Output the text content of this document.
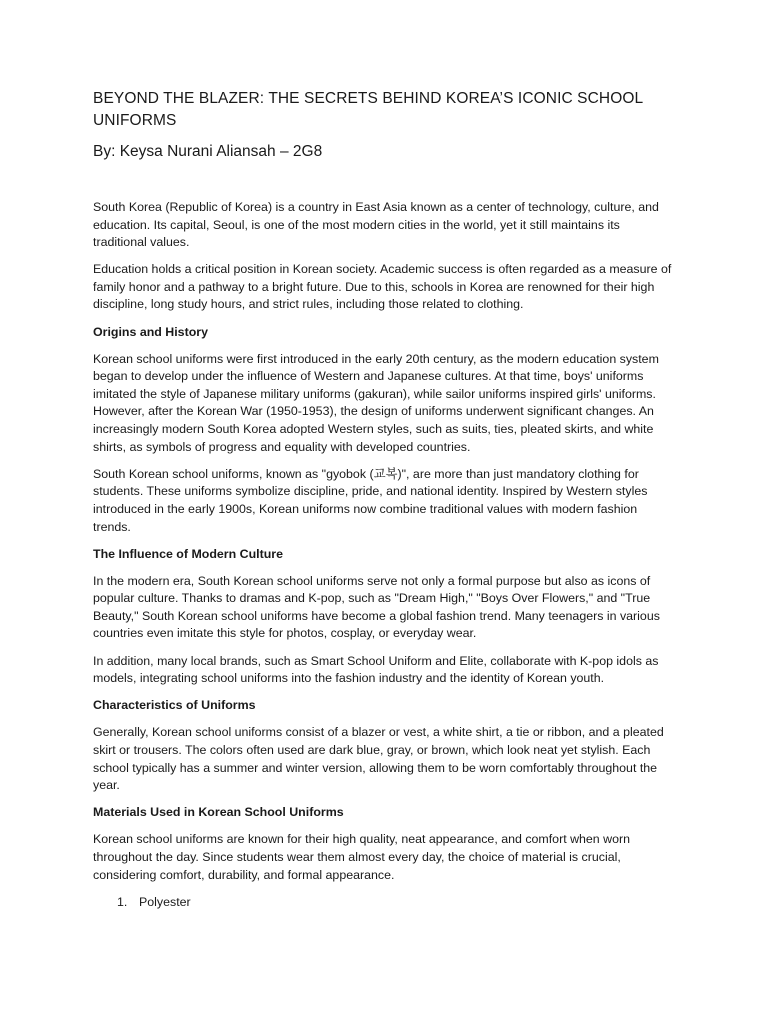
BEYOND THE BLAZER: THE SECRETS BEHIND KOREA’S ICONIC SCHOOL UNIFORMS
By: Keysa Nurani Aliansah – 2G8

South Korea (Republic of Korea) is a country in East Asia known as a center of technology, culture, and education. Its capital, Seoul, is one of the most modern cities in the world, yet it still maintains its traditional values.

Education holds a critical position in Korean society. Academic success is often regarded as a measure of family honor and a pathway to a bright future. Due to this, schools in Korea are renowned for their high discipline, long study hours, and strict rules, including those related to clothing.

Origins and History

Korean school uniforms were first introduced in the early 20th century, as the modern education system began to develop under the influence of Western and Japanese cultures. At that time, boys' uniforms imitated the style of Japanese military uniforms (gakuran), while sailor uniforms inspired girls' uniforms. However, after the Korean War (1950-1953), the design of uniforms underwent significant changes. An increasingly modern South Korea adopted Western styles, such as suits, ties, pleated skirts, and white shirts, as symbols of progress and equality with developed countries.

South Korean school uniforms, known as "gyobok (교복)", are more than just mandatory clothing for students. These uniforms symbolize discipline, pride, and national identity. Inspired by Western styles introduced in the early 1900s, Korean uniforms now combine traditional values with modern fashion trends.

The Influence of Modern Culture

In the modern era, South Korean school uniforms serve not only a formal purpose but also as icons of popular culture. Thanks to dramas and K-pop, such as "Dream High," "Boys Over Flowers," and "True Beauty," South Korean school uniforms have become a global fashion trend. Many teenagers in various countries even imitate this style for photos, cosplay, or everyday wear.

In addition, many local brands, such as Smart School Uniform and Elite, collaborate with K-pop idols as models, integrating school uniforms into the fashion industry and the identity of Korean youth.

Characteristics of Uniforms

Generally, Korean school uniforms consist of a blazer or vest, a white shirt, a tie or ribbon, and a pleated skirt or trousers. The colors often used are dark blue, gray, or brown, which look neat yet stylish. Each school typically has a summer and winter version, allowing them to be worn comfortably throughout the year.

Materials Used in Korean School Uniforms

Korean school uniforms are known for their high quality, neat appearance, and comfort when worn throughout the day. Since students wear them almost every day, the choice of material is crucial, considering comfort, durability, and formal appearance.

1. Polyester
